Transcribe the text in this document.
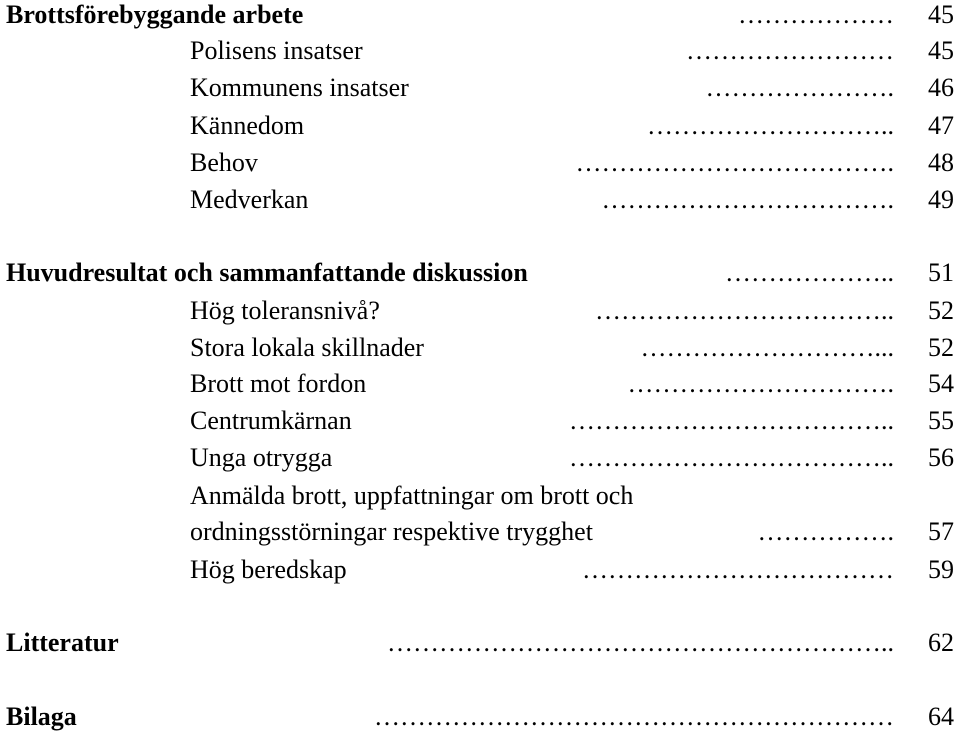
Brottsförebyggande arbete	………………	45
Polisens insatser	……………………	45
Kommunens insatser	………………….	46
Kännedom	………………………..	47
Behov	……………………………….	48
Medverkan	…………………………….	49
Huvudresultat och sammanfattande diskussion	………………..	51
Hög toleransnivå?	……………………………..	52
Stora lokala skillnader	………………………...	52
Brott mot fordon	………………………….	54
Centrumkärnan	………………………………..	55
Unga otrygga	………………………………..	56
Anmälda brott, uppfattningar om brott och
ordningsstörningar respektive trygghet	…………….	57
Hög beredskap	………………………………	59
Litteratur	…………………………………………………..	62
Bilaga	……………………………………………………	64
